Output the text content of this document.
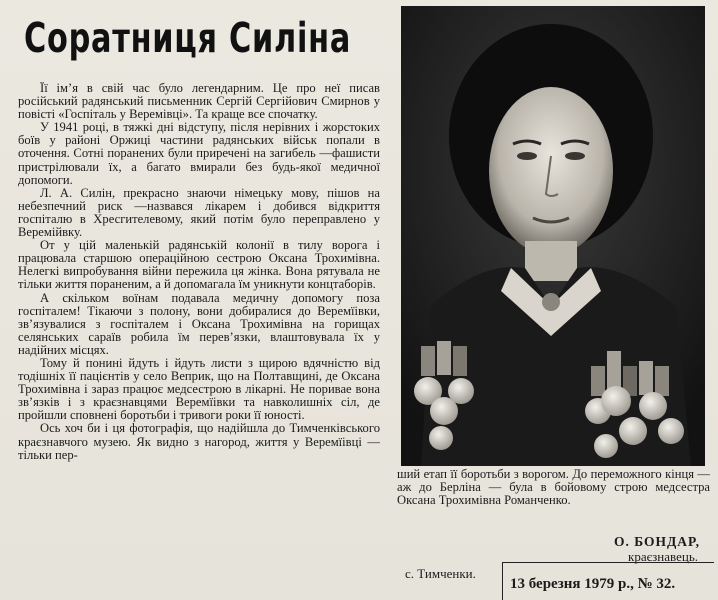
Соратниця Силіна

Її ім’я в свій час було легендарним. Це про неї писав російський радянський письменник Сергій Сергійович Смирнов у повісті «Госпіталь у Веремівці». Та краще все спочатку.

У 1941 році, в тяжкі дні відступу, після нерівних і жорстоких боїв у районі Оржиці частини радянських військ попали в оточення. Сотні поранених були приречені на загибель —фашисти пристрілювали їх, а багато вмирали без будь-якої медичної допомоги.

Л. А. Силін, прекрасно знаючи німецьку мову, пішов на небезпечний риск —назвався лікарем і добився відкриття госпіталю в Хресгителевому, який потім було переправлено у Веремійвку.

От у цій маленькій радянській колонії в тилу ворога і працювала старшою операційною сестрою Оксана Трохимівна. Нелегкі випробування війни пережила ця жінка. Вона рятувала не тільки життя пораненим, а й допомагала їм уникнути концтаборів.

А скільком воїнам подавала медичну допомогу поза госпіталем! Тікаючи з полону, вони добиралися до Веремїівки, зв’язувалися з госпіталем і Оксана Трохимівна на горищах селянських сараїв робила їм перев’язки, влаштовувала їх у надійних місцях.

Тому й понині йдуть і йдуть листи з щирою вдячністю від тодішніх її пацієнтів у село Веприк, що на Полтавщині, де Оксана Трохимівна і зараз працює медсестрою в лікарні. Не поривае вона зв’язків і з краєзнавцями Веремїівки та навколишніх сіл, де пройшли сповнені боротьби і тривоги роки її юності.

Ось хоч би і ця фотографія, що надійшла до Тимченківського краєзнавчого музею. Як видно з нагород, життя у Веремїівці — тільки пер-

ший етап її боротьби з ворогом. До переможного кінця — аж до Берліна — була в бойовому строю медсестра Оксана Трохимівна Романченко.
О. БОНДАР,
краєзнавець.
с. Тимченки.
13 березня 1979 р., № 32.
